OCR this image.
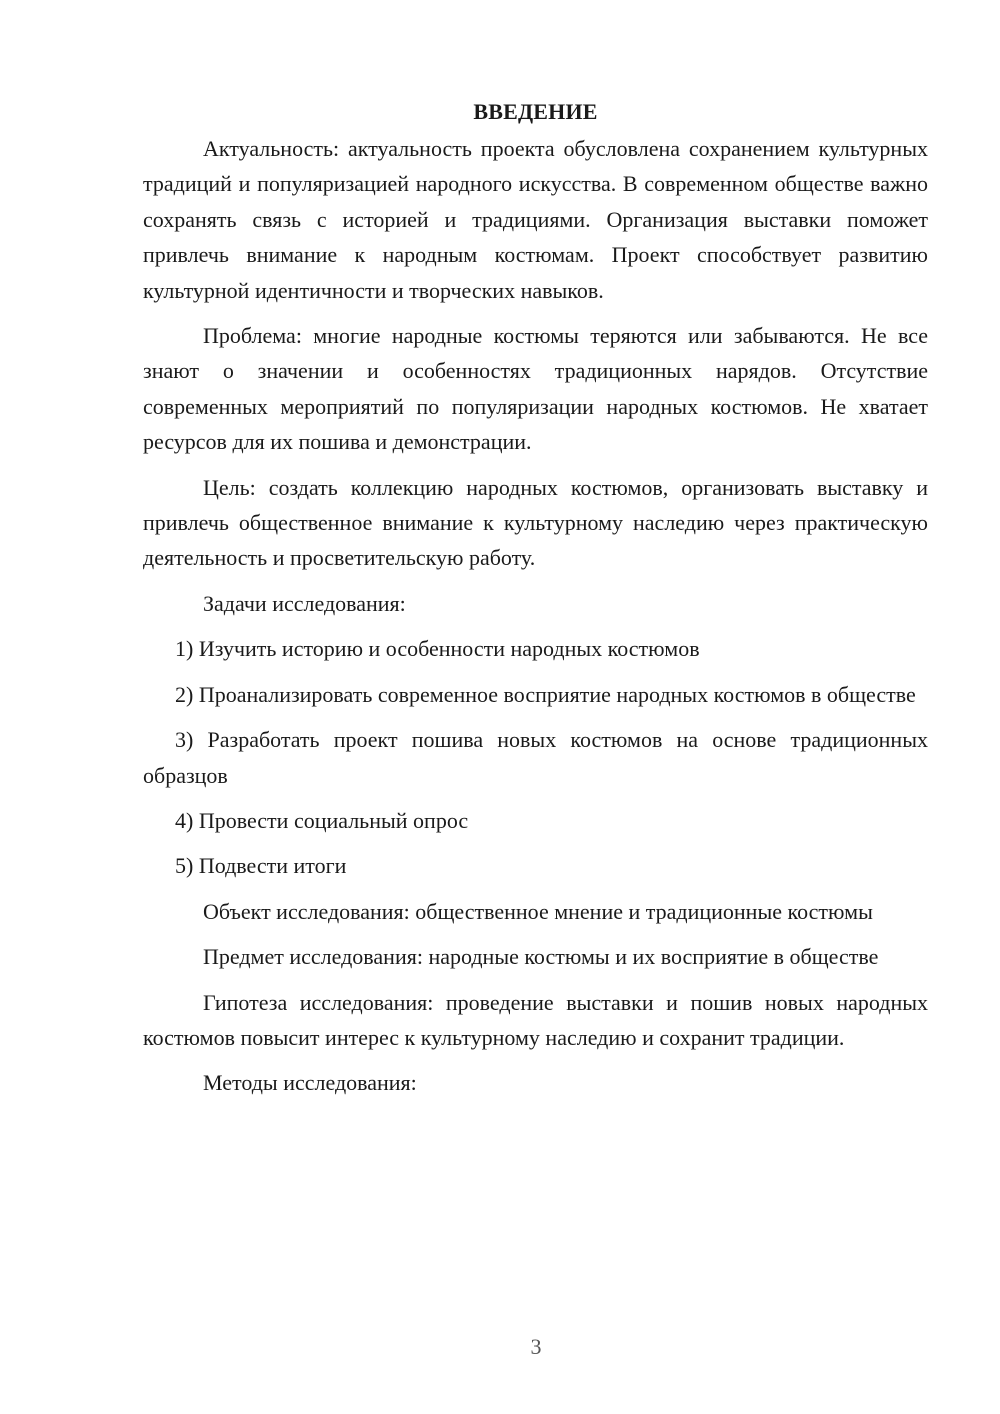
ВВЕДЕНИЕ

Актуальность: актуальность проекта обусловлена сохранением культурных традиций и популяризацией народного искусства. В современном обществе важно сохранять связь с историей и традициями. Организация выставки поможет привлечь внимание к народным костюмам. Проект способствует развитию культурной идентичности и творческих навыков.

Проблема: многие народные костюмы теряются или забываются. Не все знают о значении и особенностях традиционных нарядов. Отсутствие современных мероприятий по популяризации народных костюмов. Не хватает ресурсов для их пошива и демонстрации.

Цель: создать коллекцию народных костюмов, организовать выставку и привлечь общественное внимание к культурному наследию через практическую деятельность и просветительскую работу.

Задачи исследования:

1) Изучить историю и особенности народных костюмов

2) Проанализировать современное восприятие народных костюмов в обществе

3) Разработать проект пошива новых костюмов на основе традиционных образцов

4) Провести социальный опрос

5) Подвести итоги

Объект исследования: общественное мнение и традиционные костюмы

Предмет исследования: народные костюмы и их восприятие в обществе

Гипотеза исследования: проведение выставки и пошив новых народных костюмов повысит интерес к культурному наследию и сохранит традиции.

Методы исследования:

3
